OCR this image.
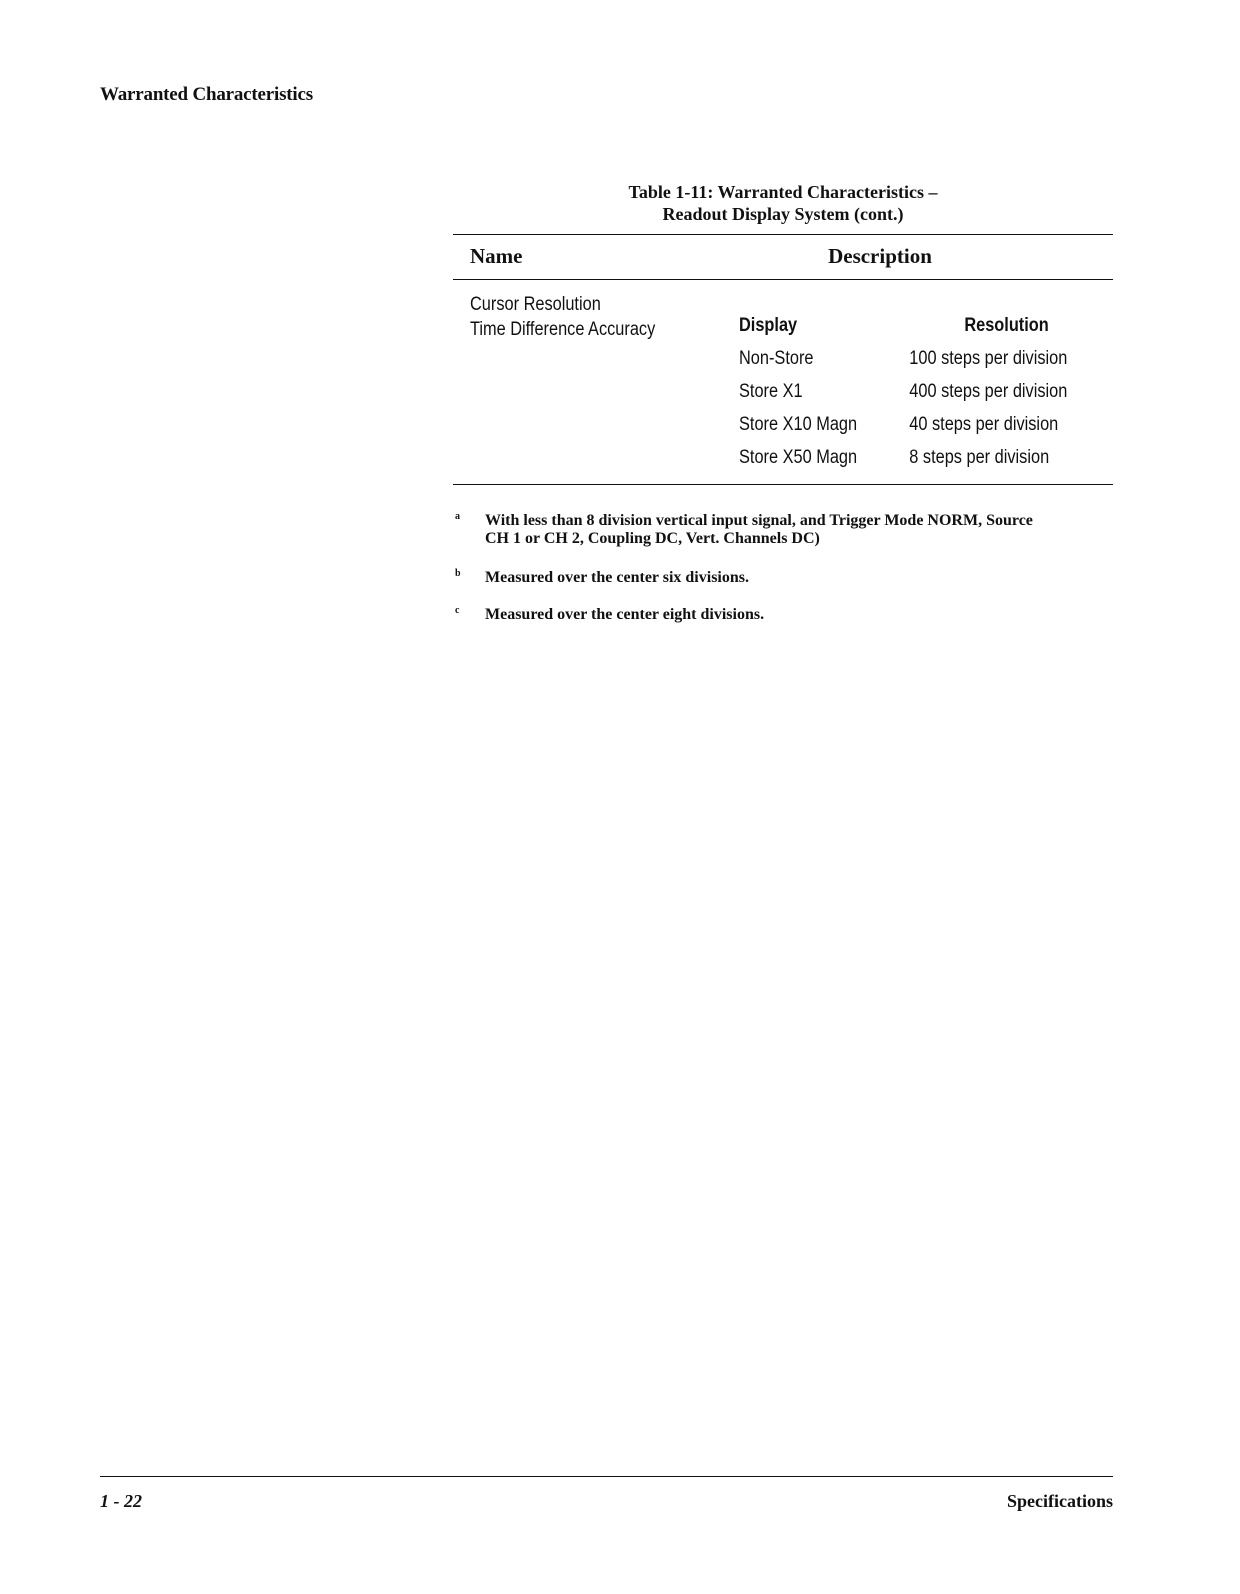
Warranted Characteristics
Table 1-11: Warranted Characteristics –
Readout Display System (cont.)
Name	Description
Cursor Resolution
Time Difference Accuracy	Display	Resolution
Non-Store	100 steps per division
Store X1	400 steps per division
Store X10 Magn	40 steps per division
Store X50 Magn	8 steps per division
a With less than 8 division vertical input signal, and Trigger Mode NORM, Source
CH 1 or CH 2, Coupling DC, Vert. Channels DC)
b Measured over the center six divisions.
c Measured over the center eight divisions.
1 - 22	Specifications
